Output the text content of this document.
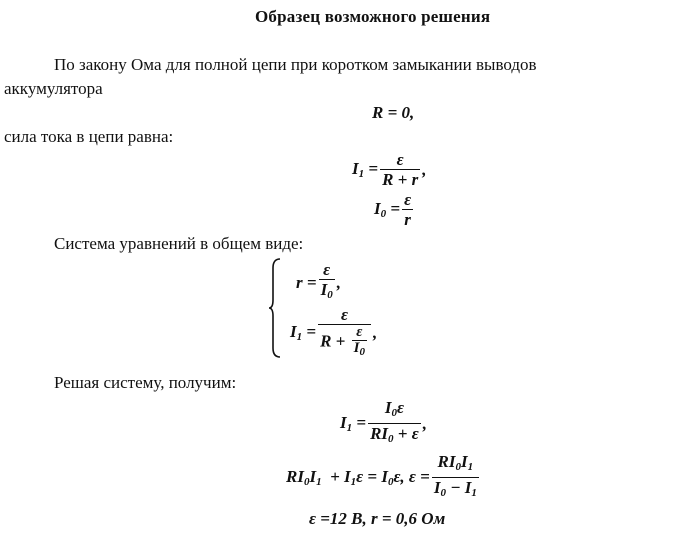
Образец возможного решения
По закону Ома для полной цепи при коротком замыкании выводов
аккумулятора
R = 0,
сила тока в цепи равна:
$I_1 = \frac{\varepsilon}{R + r}$ ,
$I_0 = \frac{\varepsilon}{r}$
Система уравнений в общем виде:
$r = \frac{\varepsilon}{I_0}$ ,
$I_1 = \frac{\varepsilon}{R + \frac{\varepsilon}{I_0}}$ ,
Решая систему, получим:
$I_1 = \frac{I_0\varepsilon}{RI_0 + \varepsilon}$ ,
$RI_0I_1 + I_1\varepsilon = I_0\varepsilon$, $\varepsilon = \frac{RI_0I_1}{I_0 - I_1}$
ε =12 В, r = 0,6 Ом
